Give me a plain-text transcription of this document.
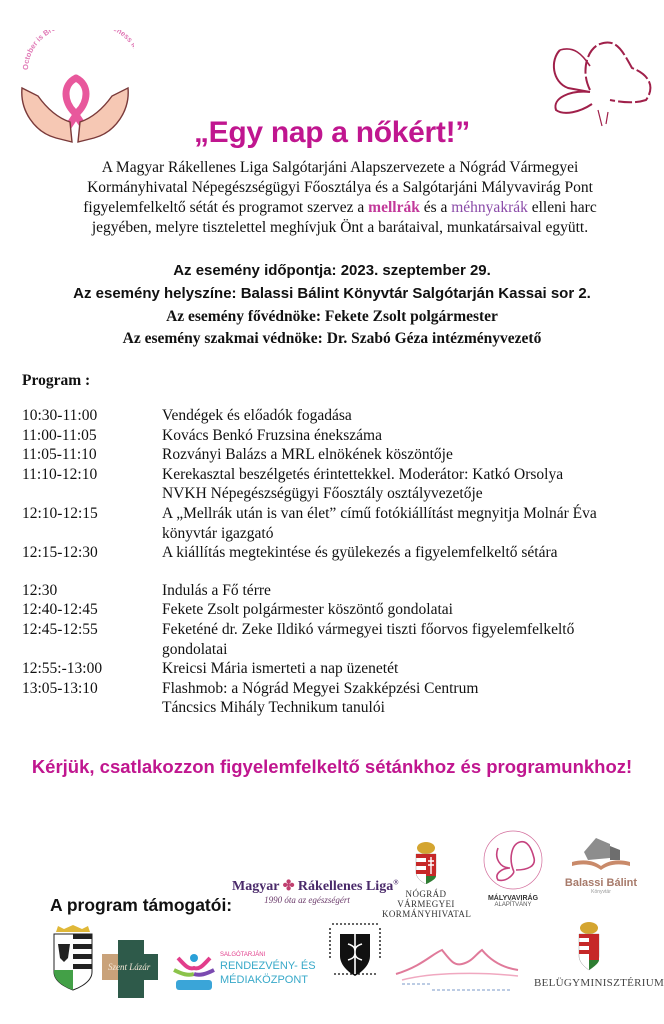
October is Br ness
„Egy nap a nőkért!”
A Magyar Rákellenes Liga Salgótarjáni Alapszervezete a Nógrád Vármegyei Kormányhivatal Népegészségügyi Főosztálya és a Salgótarjáni Mályvavirág Pont figyelemfelkeltő sétát és programot szervez a mellrák és a méhnyakrák elleni harc jegyében, melyre tisztelettel meghívjuk Önt a barátaival, munkatársaival együtt.
Az esemény időpontja: 2023. szeptember 29.
Az esemény helyszíne: Balassi Bálint Könyvtár Salgótarján Kassai sor 2.
Az esemény fővédnöke: Fekete Zsolt polgármester
Az esemény szakmai védnöke: Dr. Szabó Géza intézményvezető
Program :
10:30-11:00	Vendégek és előadók fogadása
11:00-11:05	Kovács Benkó Fruzsina énekszáma
11:05-11:10	Rozványi Balázs a MRL elnökének köszöntője
11:10-12:10	Kerekasztal beszélgetés érintettekkel. Moderátor: Katkó Orsolya
NVKH Népegészségügyi Főosztály osztályvezetője
12:10-12:15	A „Mellrák után is van élet” című fotókiállítást megnyitja Molnár Éva
könyvtár igazgató
12:15-12:30	A kiállítás megtekintése és gyülekezés a figyelemfelkeltő sétára
12:30	Indulás a Fő térre
12:40-12:45	Fekete Zsolt polgármester köszöntő gondolatai
12:45-12:55	Feketéné dr. Zeke Ildikó vármegyei tiszti főorvos figyelemfelkeltő
gondolatai
12:55:-13:00	Kreicsi Mária ismerteti a nap üzenetét
13:05-13:10	Flashmob: a Nógrád Megyei Szakképzési Centrum
Táncsics Mihály Technikum tanulói
Kérjük, csatlakozzon figyelemfelkeltő sétánkhoz és programunkhoz!
Magyar ✤ Rákellenes Liga®
1990 óta az egészségért
NÓGRÁD VÁRMEGYEI
KORMÁNYHIVATAL
MÁLYVAVIRÁG
ALAPÍTVÁNY
Balassi Bálint
Könyvtár
A program támogatói:
Szent Lázár
SALGÓTARJÁNI
RENDEZVÉNY- ÉS
MÉDIAKÖZPONT	BELÜGYMINISZTÉRIUM
